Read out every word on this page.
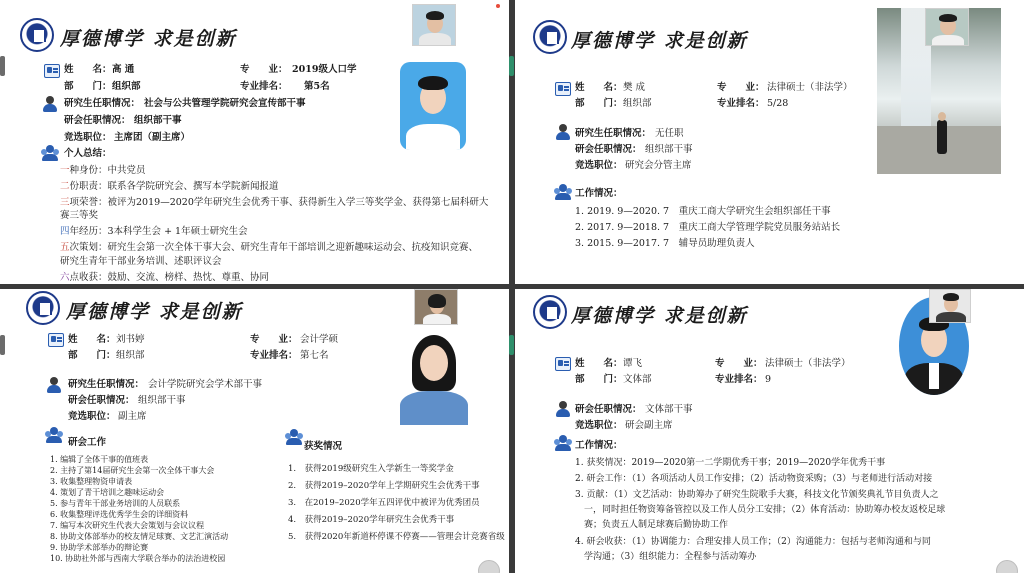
厚德博学 求是创新
姓　　名： 高 通	专　　业： 2019级人口学
部　　门： 组织部	专业排名： 第5名
研究生任职情况： 社会与公共管理学院研究会宣传部干事
研会任职情况： 组织部干事
竞选职位： 主席团（副主席）
个人总结：
一种身份：中共党员
二份职责：联系各学院研究会、撰写本学院新闻报道
三项荣誉：被评为2019—2020学年研究生会优秀干事、获得新生入学三等奖学金、获得第七届科研大
赛三等奖
四年经历：3本科学生会 + 1年硕士研究生会
五次策划：研究生会第一次全体干事大会、研究生青年干部培训之迎新趣味运动会、抗疫知识竞赛、
研究生青年干部业务培训、述职评议会
六点收获：鼓励、交流、榜样、热忱、尊重、协同
厚德博学 求是创新
姓　　名： 樊 成	专　　业： 法律硕士（非法学）
部　　门： 组织部	专业排名： 5/28
研究生任职情况： 无任职
研会任职情况： 组织部干事
竞选职位： 研究会分管主席
工作情况：
1. 2019. 9—2020. 7　重庆工商大学研究生会组织部任干事
2. 2017. 9—2018. 7　重庆工商大学管理学院党员服务站站长
3. 2015. 9—2017. 7　辅导员助理负责人
厚德博学 求是创新
姓　　名： 刘书婷	专　　业： 会计学硕
部　　门： 组织部	专业排名： 第七名
研究生任职情况： 会计学院研究会学术部干事
研会任职情况： 组织部干事
竞选职位： 副主席
研会工作
1. 编辑了全体干事的值班表
2. 主持了第14届研究生会第一次全体干事大会
3. 收集整理物资申请表
4. 策划了青干培训之趣味运动会
5. 参与青年干部业务培训的人员联系
6. 收集整理评选优秀学生会的详细资料
7. 编写本次研究生代表大会策划与会议议程
8. 协助文体部举办的校友情足球赛、文艺汇演活动
9. 协助学术部举办的辩论赛
10. 协助社外部与西南大学联合举办的法治进校园
获奖情况
1.　获得2019级研究生入学新生一等奖学金
2.　获得2019–2020学年上学期研究生会优秀干事
3.　在2019–2020学年五四评优中被评为优秀团员
4.　获得2019–2020学年研究生会优秀干事
5.　获得2020年新道杯停课不停赛——管理会计竞赛省级
厚德博学 求是创新
姓　　名： 谭飞	专　　业： 法律硕士（非法学）
部　　门： 文体部	专业排名： 9
研会任职情况： 文体部干事
竞选职位： 研会副主席
工作情况：
1. 获奖情况：2019—2020第一二学期优秀干事；2019—2020学年优秀干事
2. 研会工作：（1）各项活动人员工作安排；（2）活动物资采购；（3）与老师进行活动对接
3. 贡献：（1）文艺活动：协助筹办了研究生院歌手大赛，科技文化节颁奖典礼节目负责人之
　一，同时担任物资筹备管控以及工作人员分工安排；（2）体育活动：协助筹办校友返校足球
　赛；负责五人制足球赛后勤协助工作
4. 研会收获：（1）协调能力：合理安排人员工作；（2）沟通能力：包括与老师沟通和与同
　学沟通；（3）组织能力：全程参与活动筹办
